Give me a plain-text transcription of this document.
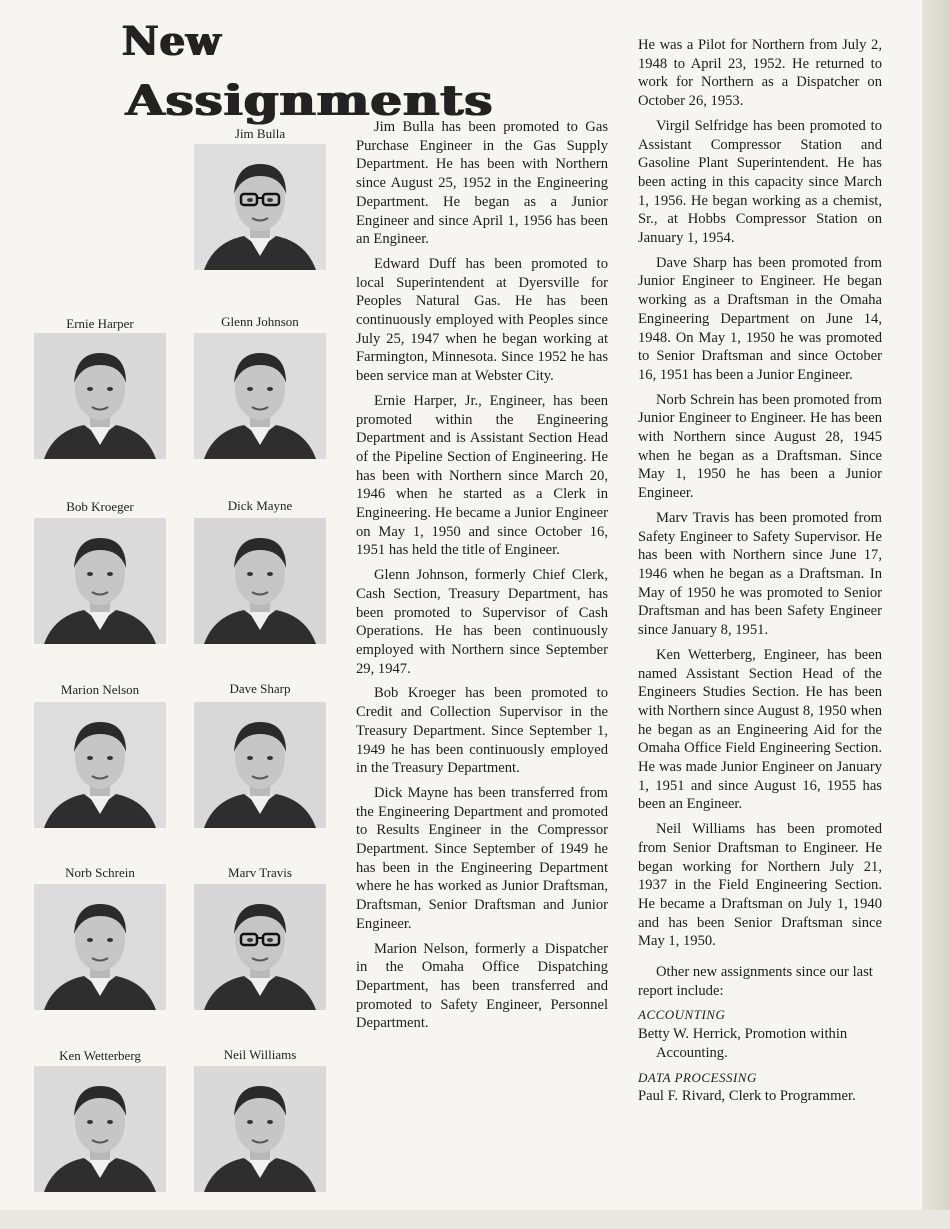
New
Assignments
Jim Bulla
Ernie Harper	Glenn Johnson
Bob Kroeger	Dick Mayne
Marion Nelson	Dave Sharp
Norb Schrein	Marv Travis
Ken Wetterberg	Neil Williams

Jim Bulla has been promoted to Gas Purchase Engineer in the Gas Supply Department. He has been with Northern since August 25, 1952 in the Engineering Department. He began as a Junior Engineer and since April 1, 1956 has been an Engineer.

Edward Duff has been promoted to local Superintendent at Dyersville for Peoples Natural Gas. He has been continuously employed with Peoples since July 25, 1947 when he began working at Farmington, Minnesota. Since 1952 he has been service man at Webster City.

Ernie Harper, Jr., Engineer, has been promoted within the Engineering Department and is Assistant Section Head of the Pipeline Section of Engineering. He has been with Northern since March 20, 1946 when he started as a Clerk in Engineering. He became a Junior Engineer on May 1, 1950 and since October 16, 1951 has held the title of Engineer.

Glenn Johnson, formerly Chief Clerk, Cash Section, Treasury Department, has been promoted to Supervisor of Cash Operations. He has been continuously employed with Northern since September 29, 1947.

Bob Kroeger has been promoted to Credit and Collection Supervisor in the Treasury Department. Since September 1, 1949 he has been continuously employed in the Treasury Department.

Dick Mayne has been transferred from the Engineering Department and promoted to Results Engineer in the Compressor Department. Since September of 1949 he has been in the Engineering Department where he has worked as Junior Draftsman, Draftsman, Senior Draftsman and Junior Engineer.

Marion Nelson, formerly a Dispatcher in the Omaha Office Dispatching Department, has been transferred and promoted to Safety Engineer, Personnel Department.

He was a Pilot for Northern from July 2, 1948 to April 23, 1952. He returned to work for Northern as a Dispatcher on October 26, 1953.

Virgil Selfridge has been promoted to Assistant Compressor Station and Gasoline Plant Superintendent. He has been acting in this capacity since March 1, 1956. He began working as a chemist, Sr., at Hobbs Compressor Station on January 1, 1954.

Dave Sharp has been promoted from Junior Engineer to Engineer. He began working as a Draftsman in the Omaha Engineering Department on June 14, 1948. On May 1, 1950 he was promoted to Senior Draftsman and since October 16, 1951 has been a Junior Engineer.

Norb Schrein has been promoted from Junior Engineer to Engineer. He has been with Northern since August 28, 1945 when he began as a Draftsman. Since May 1, 1950 he has been a Junior Engineer.

Marv Travis has been promoted from Safety Engineer to Safety Supervisor. He has been with Northern since June 17, 1946 when he began as a Draftsman. In May of 1950 he was promoted to Senior Draftsman and has been Safety Engineer since January 8, 1951.

Ken Wetterberg, Engineer, has been named Assistant Section Head of the Engineers Studies Section. He has been with Northern since August 8, 1950 when he began as an Engineering Aid for the Omaha Office Field Engineering Section. He was made Junior Engineer on January 1, 1951 and since August 16, 1955 has been an Engineer.

Neil Williams has been promoted from Senior Draftsman to Engineer. He began working for Northern July 21, 1937 in the Field Engineering Section. He became a Draftsman on July 1, 1940 and has been Senior Draftsman since May 1, 1950.

Other new assignments since our last report include:

ACCOUNTING
Betty W. Herrick, Promotion within Accounting.
DATA PROCESSING
Paul F. Rivard, Clerk to Programmer.
